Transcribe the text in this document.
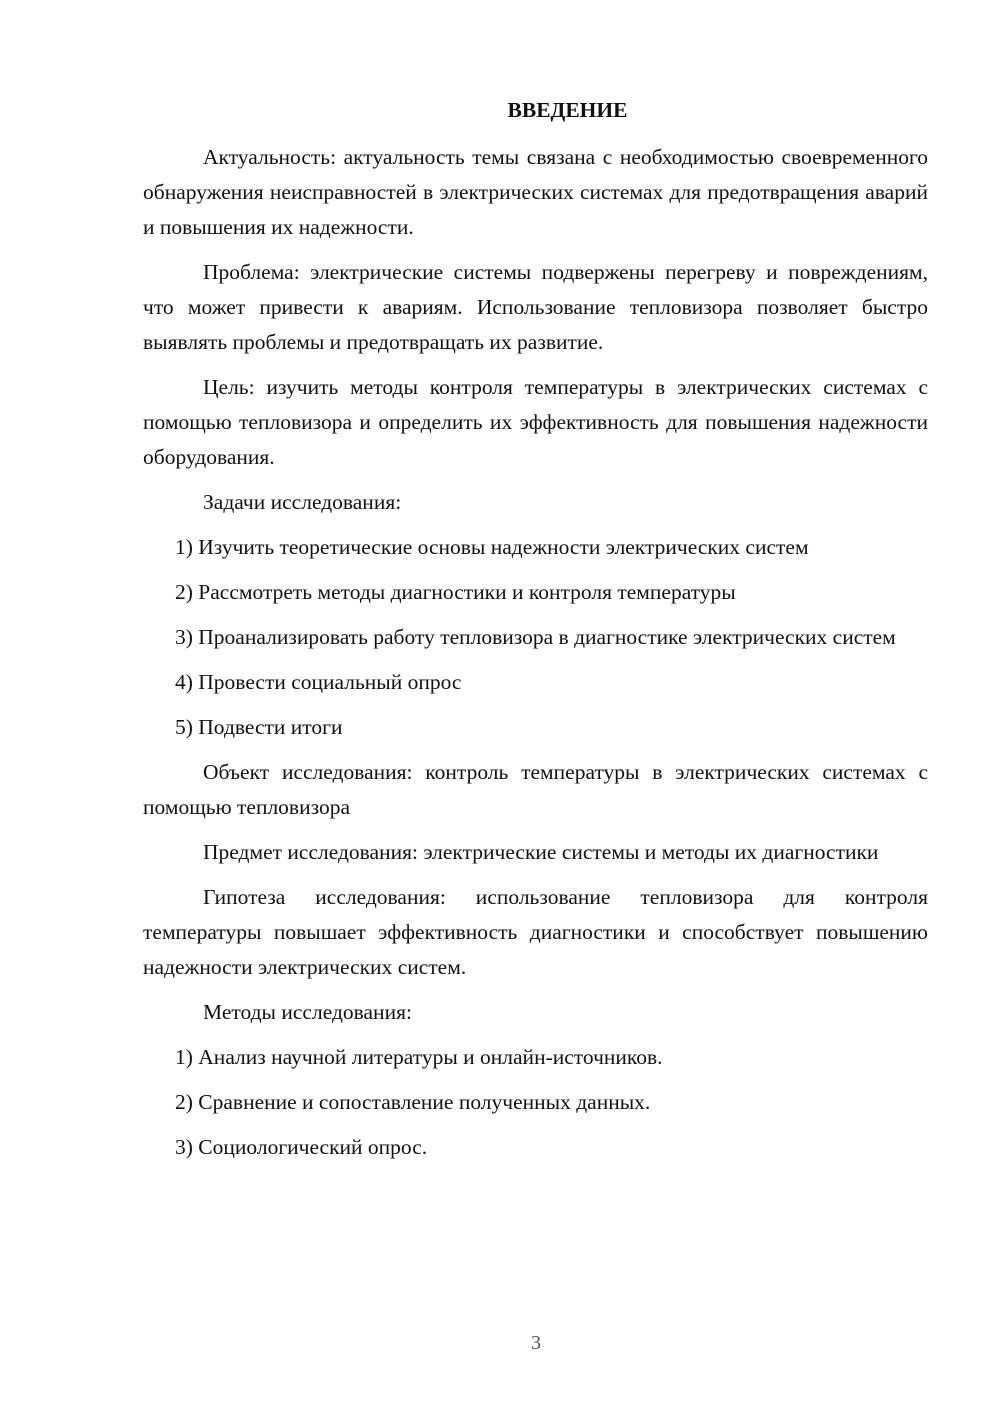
ВВЕДЕНИЕ

Актуальность: актуальность темы связана с необходимостью своевременного обнаружения неисправностей в электрических системах для предотвращения аварий и повышения их надежности.

Проблема: электрические системы подвержены перегреву и повреждениям, что может привести к авариям. Использование тепловизора позволяет быстро выявлять проблемы и предотвращать их развитие.

Цель: изучить методы контроля температуры в электрических системах с помощью тепловизора и определить их эффективность для повышения надежности оборудования.

Задачи исследования:

1) Изучить теоретические основы надежности электрических систем

2) Рассмотреть методы диагностики и контроля температуры

3) Проанализировать работу тепловизора в диагностике электрических систем

4) Провести социальный опрос

5) Подвести итоги

Объект исследования: контроль температуры в электрических системах с помощью тепловизора

Предмет исследования: электрические системы и методы их диагностики

Гипотеза исследования: использование тепловизора для контроля температуры повышает эффективность диагностики и способствует повышению надежности электрических систем.

Методы исследования:

1) Анализ научной литературы и онлайн-источников.

2) Сравнение и сопоставление полученных данных.

3) Социологический опрос.

3
